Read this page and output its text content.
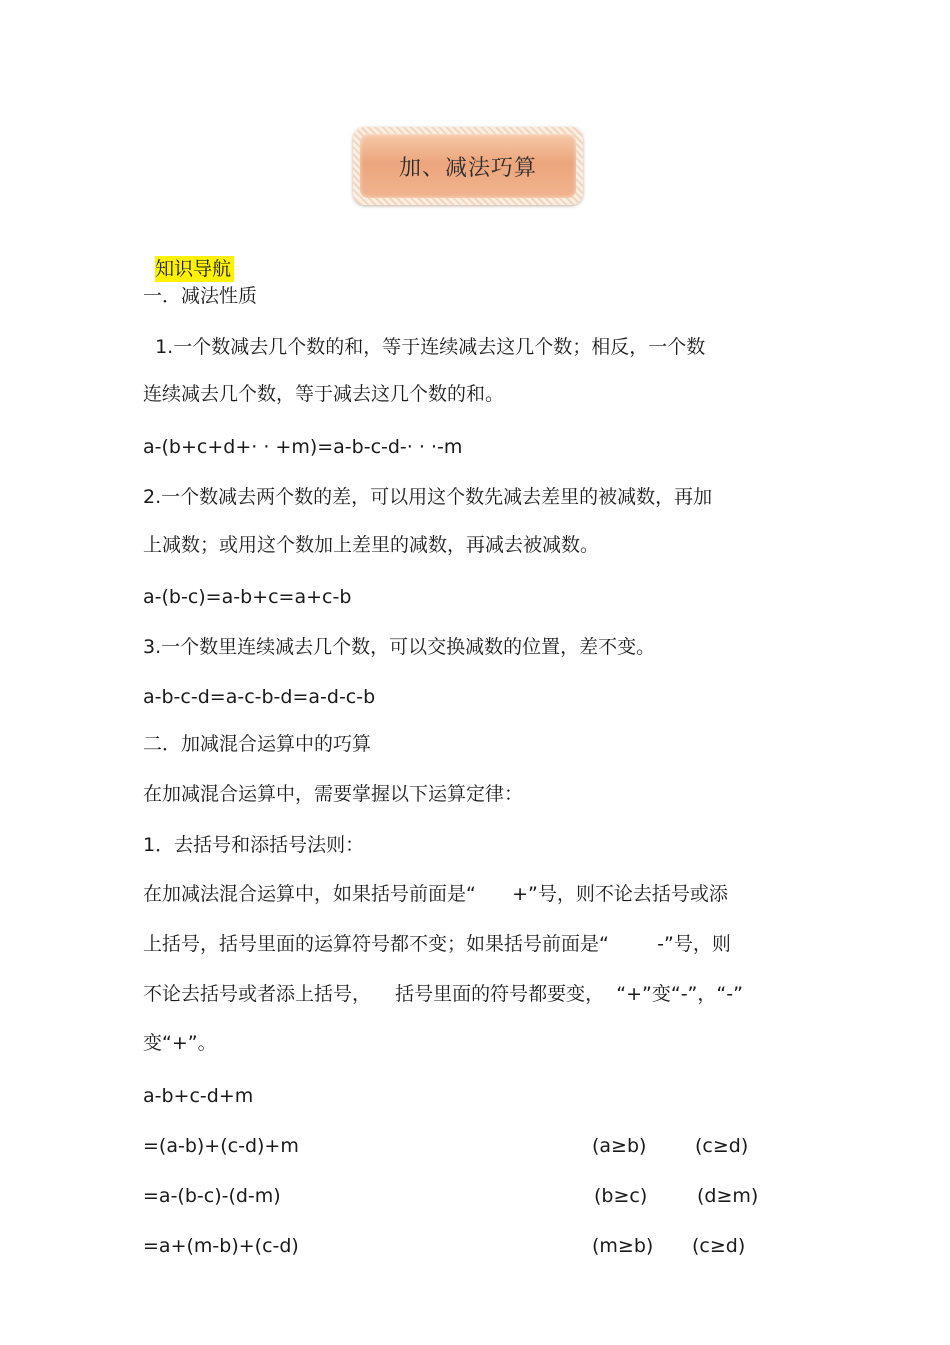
加、减法巧算

知识导航

一．减法性质
1.一个数减去几个数的和，等于连续减去这几个数；相反，一个数
连续减去几个数，等于减去这几个数的和。
a-(b+c+d+· · +m)=a-b-c-d-· · ·-m
2.一个数减去两个数的差，可以用这个数先减去差里的被减数，再加
上减数；或用这个数加上差里的减数，再减去被减数。
a-(b-c)=a-b+c=a+c-b
3.一个数里连续减去几个数，可以交换减数的位置，差不变。
a-b-c-d=a-c-b-d=a-d-c-b
二．加减混合运算中的巧算
在加减混合运算中，需要掌握以下运算定律：
1．去括号和添括号法则：
在加减法混合运算中，如果括号前面是“      +”号，则不论去括号或添
上括号，括号里面的运算符号都不变；如果括号前面是“        -”号，则
不论去括号或者添上括号，    括号里面的符号都要变，  “+”变“-”，“-”
变“+”。
a-b+c-d+m
=(a-b)+(c-d)+m	(a≥b)	(c≥d)
=a-(b-c)-(d-m)	(b≥c)	(d≥m)
=a+(m-b)+(c-d)	(m≥b) (c≥d)
